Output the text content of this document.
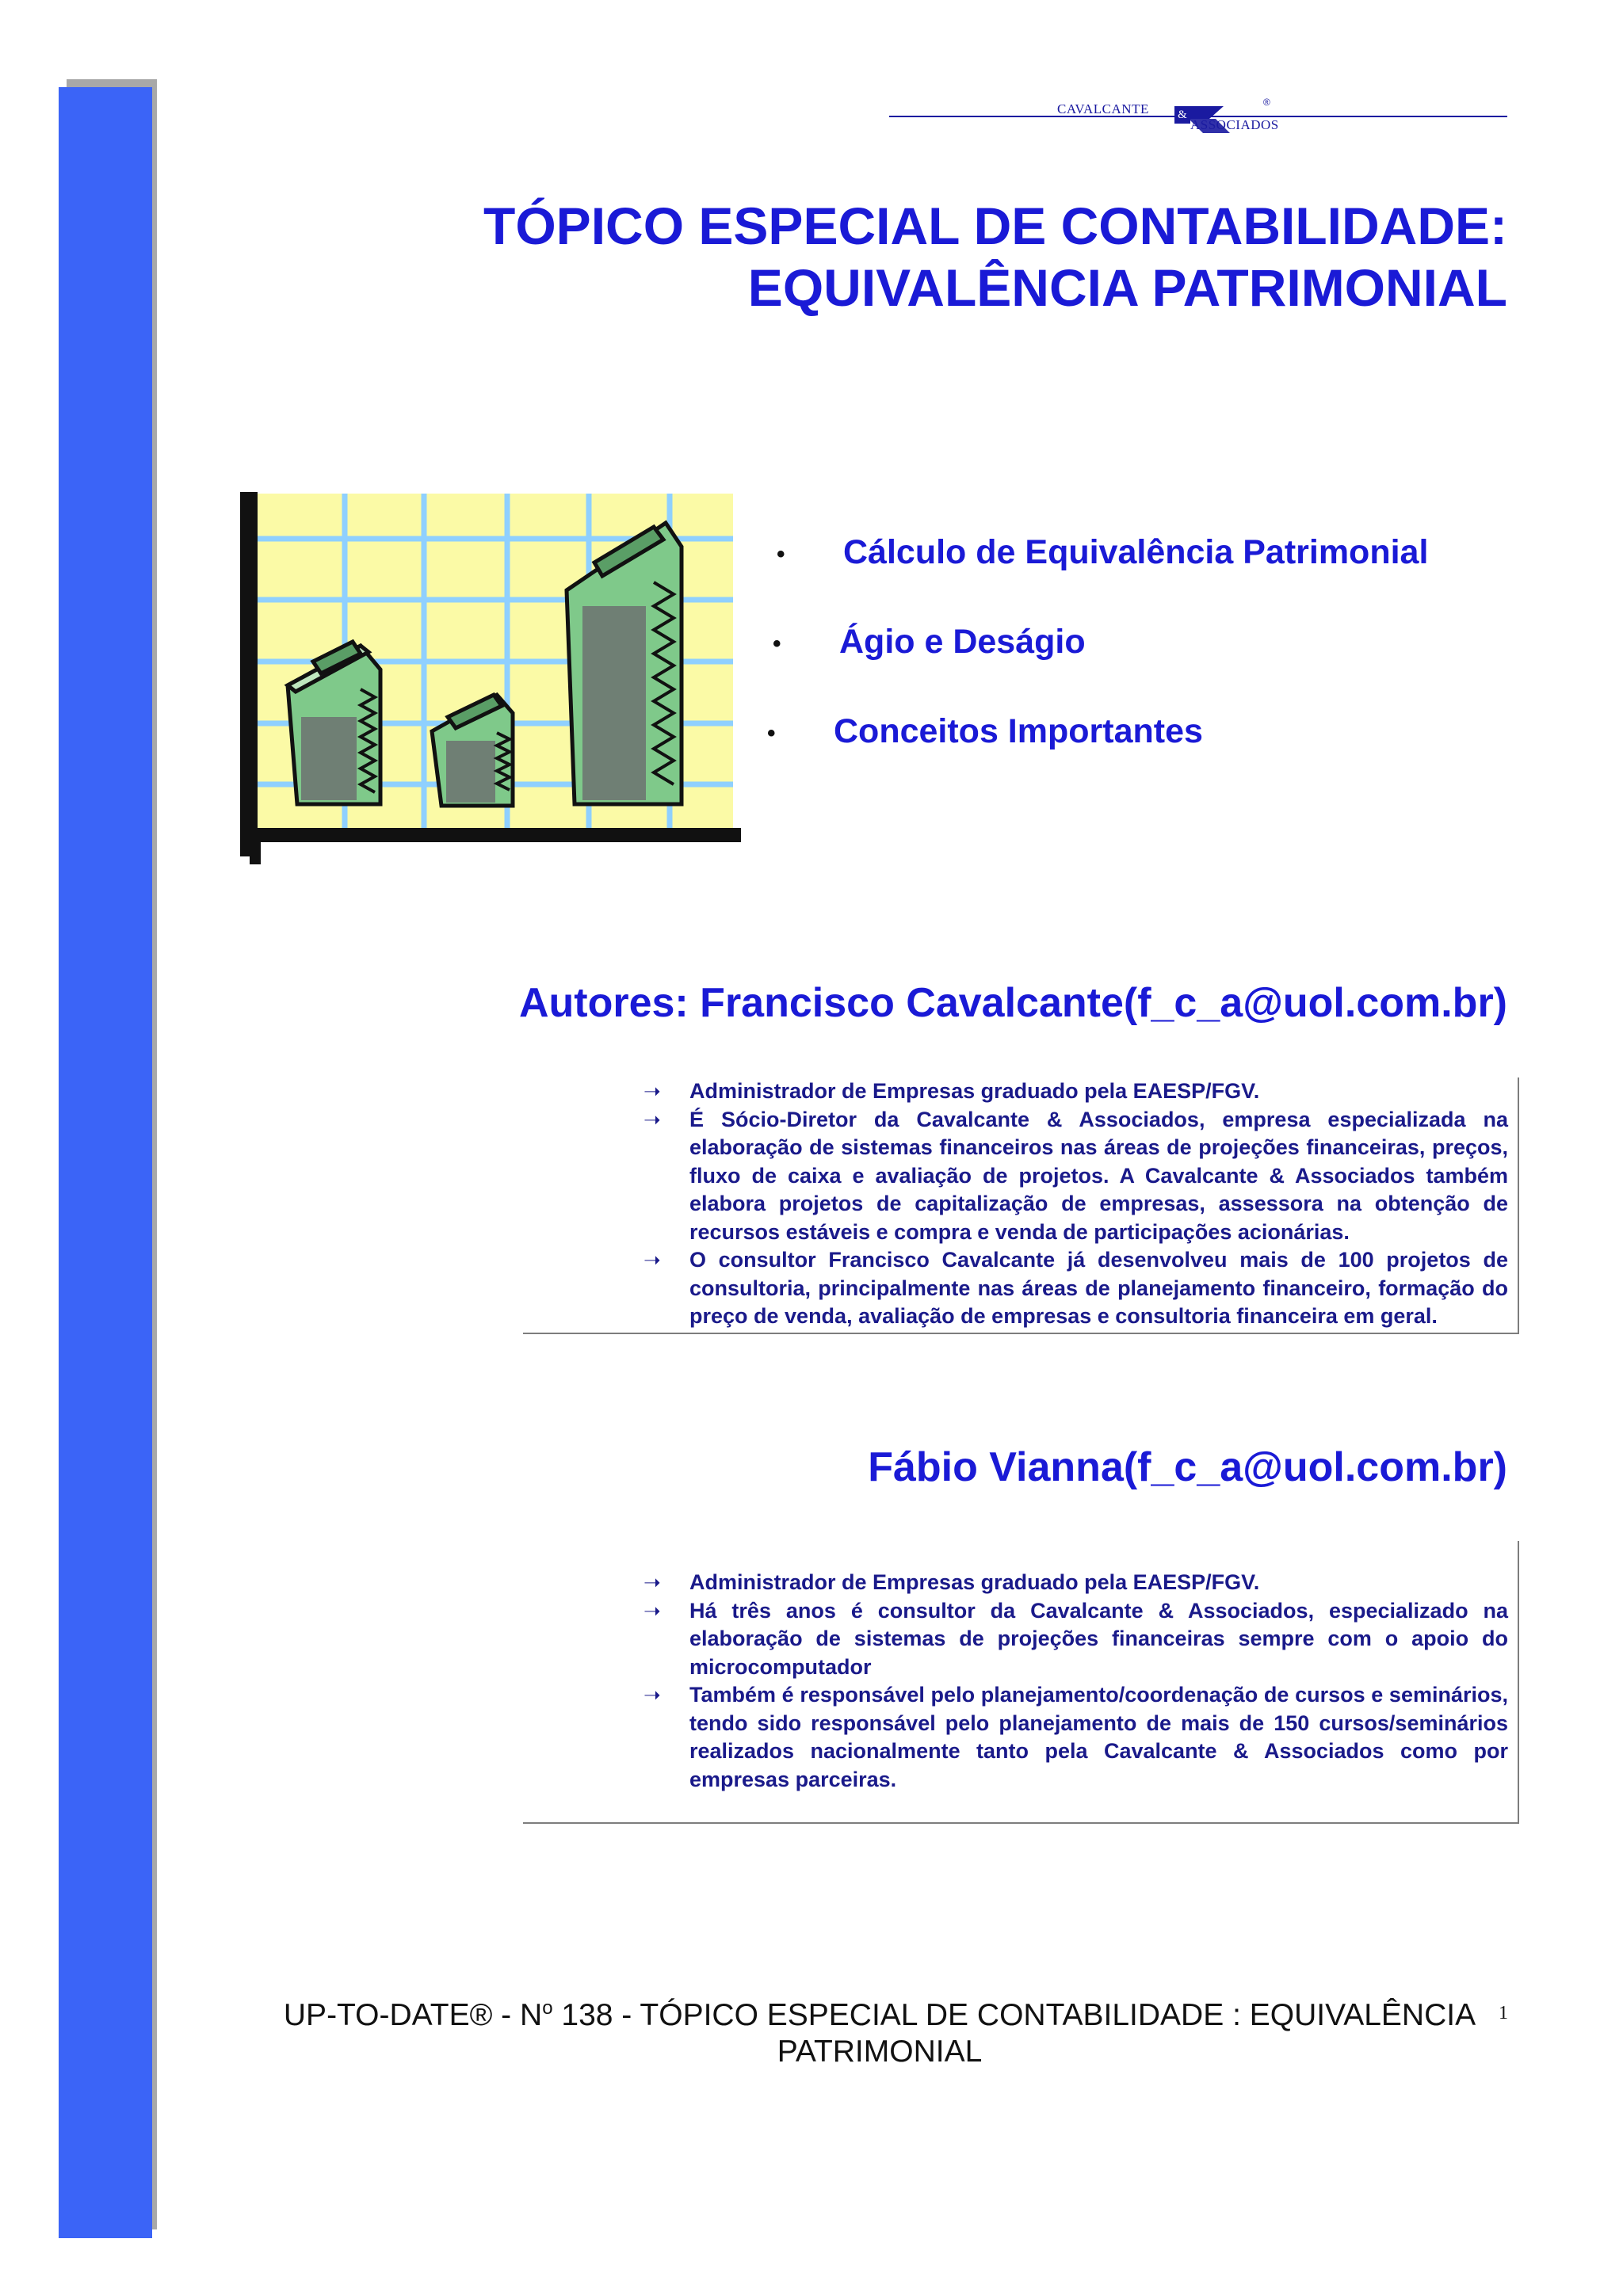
CAVALCANTE &
ASSOCIADOS
®
TÓPICO ESPECIAL DE CONTABILIDADE:
EQUIVALÊNCIA PATRIMONIAL
• Cálculo de Equivalência Patrimonial
• Ágio e Deságio
• Conceitos Importantes
Autores: Francisco Cavalcante(f_c_a@uol.com.br)
➝ Administrador de Empresas graduado pela EAESP/FGV.
➝ É Sócio-Diretor da Cavalcante & Associados, empresa especializada na elaboração de sistemas financeiros nas áreas de projeções financeiras, preços, fluxo de caixa e avaliação de projetos. A Cavalcante & Associados também elabora projetos de capitalização de empresas, assessora na obtenção de recursos estáveis e compra e venda de participações acionárias.
➝ O consultor Francisco Cavalcante já desenvolveu mais de 100 projetos de consultoria, principalmente nas áreas de planejamento financeiro, formação do preço de venda, avaliação de empresas e consultoria financeira em geral.
Fábio Vianna(f_c_a@uol.com.br)
➝ Administrador de Empresas graduado pela EAESP/FGV.
➝ Há três anos é consultor da Cavalcante & Associados, especializado na elaboração de sistemas de projeções financeiras sempre com o apoio do microcomputador
➝ Também é responsável pelo planejamento/coordenação de cursos e seminários, tendo sido responsável pelo planejamento de mais de 150 cursos/seminários realizados nacionalmente tanto pela Cavalcante & Associados como por empresas parceiras.
UP-TO-DATE® - $N^o$ 138 - TÓPICO ESPECIAL DE CONTABILIDADE : EQUIVALÊNCIA
PATRIMONIAL
1
